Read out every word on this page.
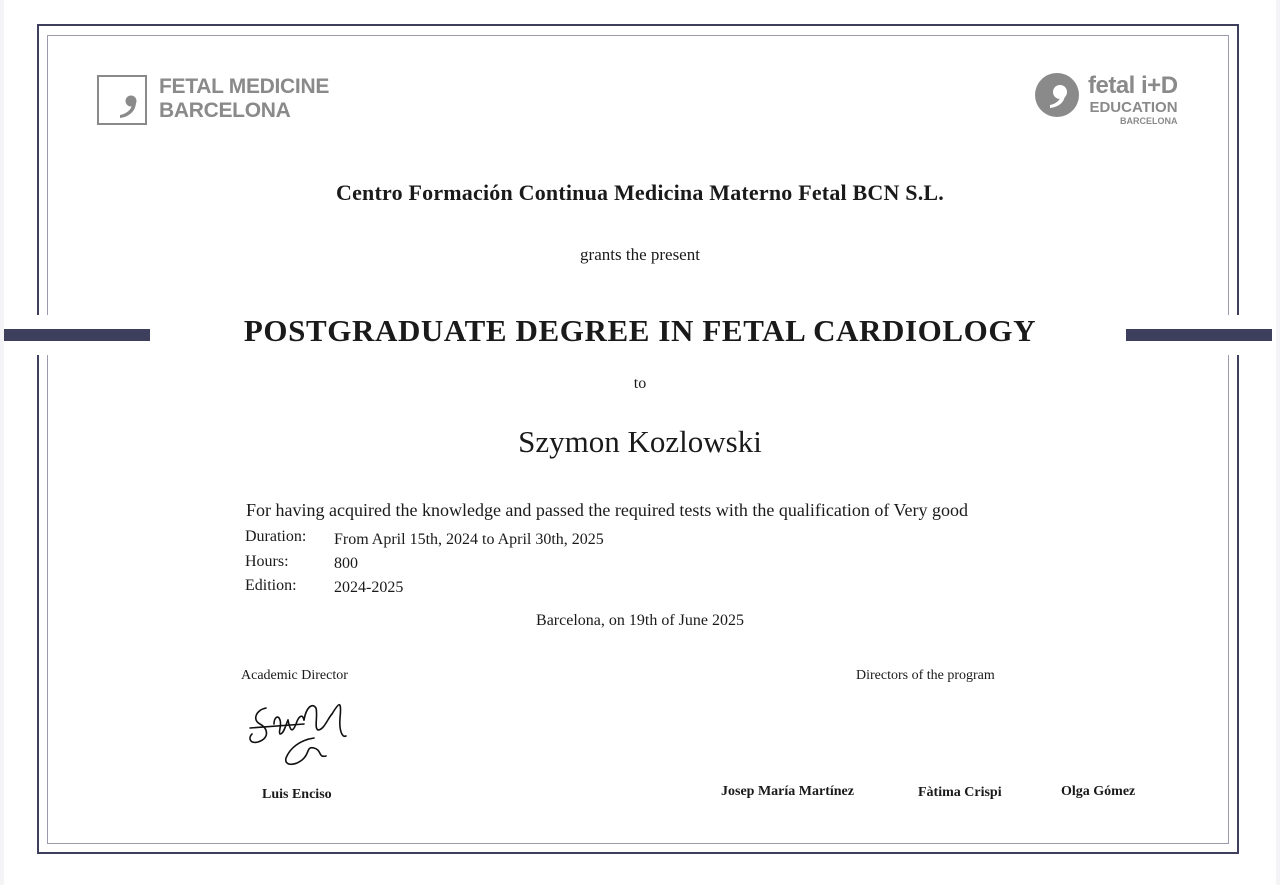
FETAL MEDICINE
BARCELONA
fetal i+D
EDUCATION
BARCELONA
Centro Formación Continua Medicina Materno Fetal BCN S.L.
grants the present
POSTGRADUATE DEGREE IN FETAL CARDIOLOGY
to
Szymon Kozlowski
For having acquired the knowledge and passed the required tests with the qualification of Very good
Duration: From April 15th, 2024 to April 30th, 2025
Hours:	800
Edition: 2024-2025
Barcelona, on 19th of June 2025
Academic Director	Directors of the program
Luis Enciso	Josep María Martínez	Fàtima Crispi	Olga Gómez
